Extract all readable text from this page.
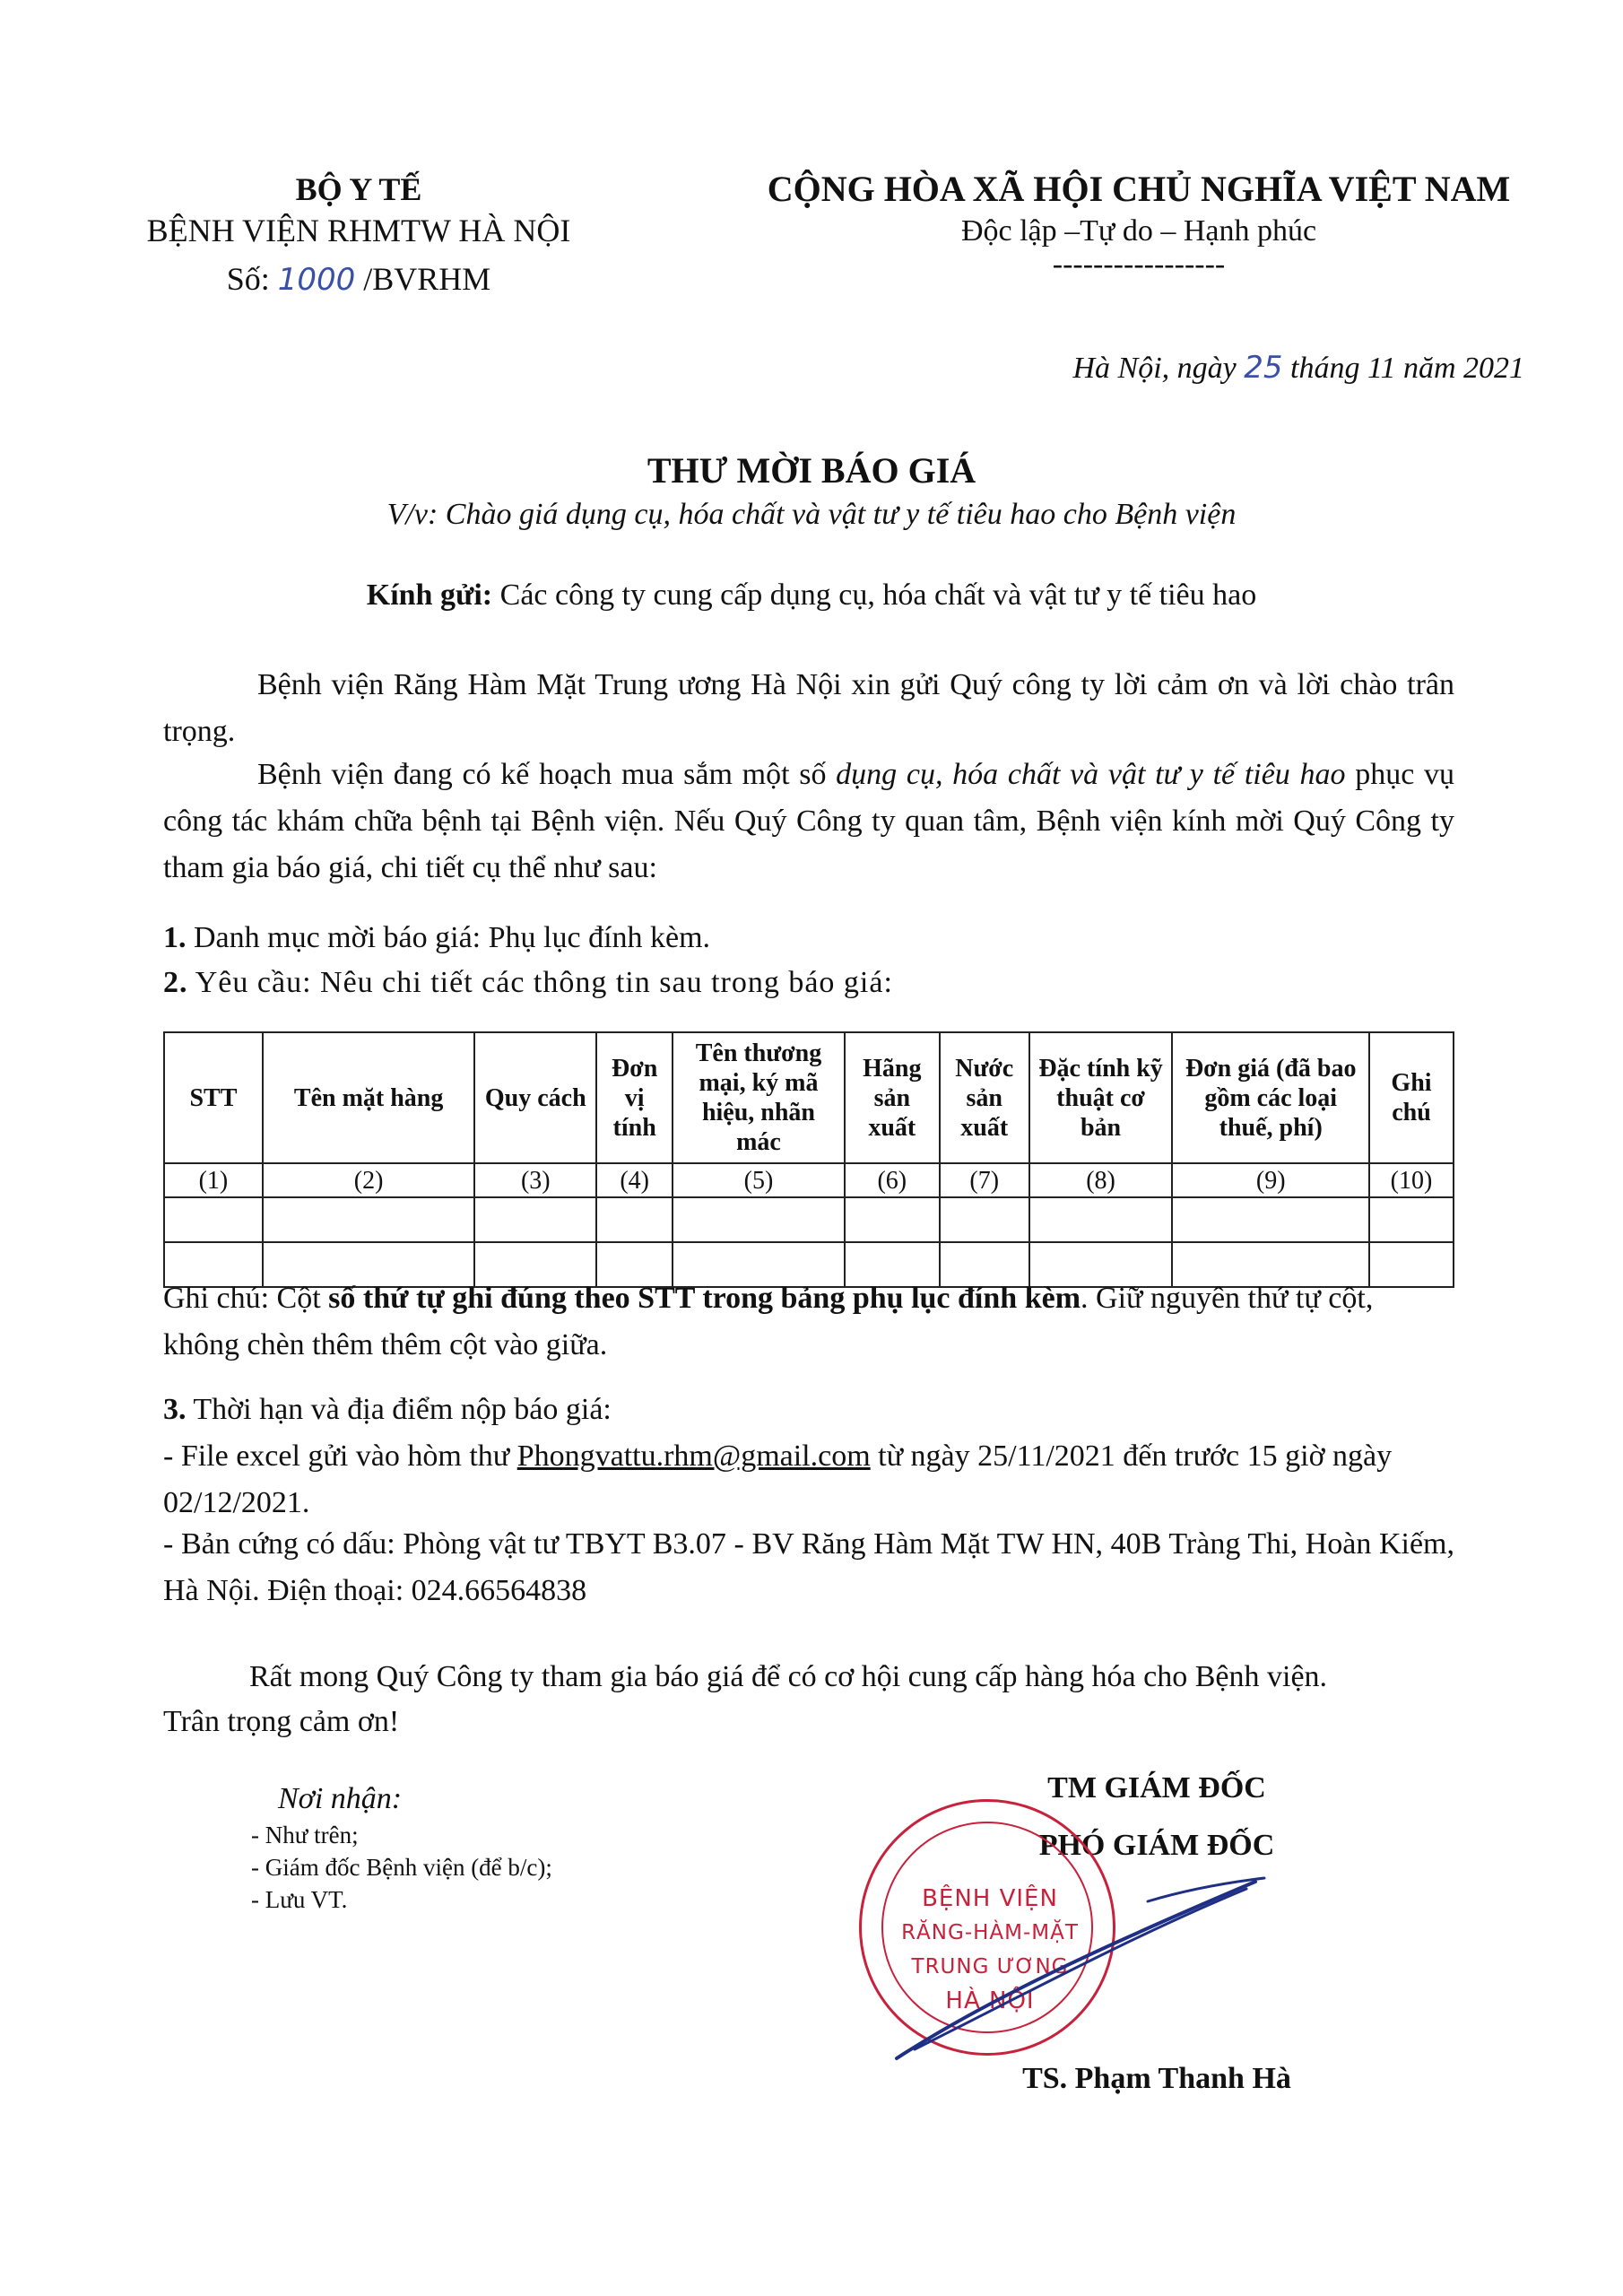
BỘ Y TẾ
BỆNH VIỆN RHMTW HÀ NỘI
Số: 1000 /BVRHM
CỘNG HÒA XÃ HỘI CHỦ NGHĨA VIỆT NAM
Độc lập –Tự do – Hạnh phúc
-----------------
Hà Nội, ngày 25 tháng 11 năm 2021
THƯ MỜI BÁO GIÁ
V/v: Chào giá dụng cụ, hóa chất và vật tư y tế tiêu hao cho Bệnh viện
Kính gửi: Các công ty cung cấp dụng cụ, hóa chất và vật tư y tế tiêu hao
Bệnh viện Răng Hàm Mặt Trung ương Hà Nội xin gửi Quý công ty lời cảm ơn và lời chào trân trọng.
Bệnh viện đang có kế hoạch mua sắm một số dụng cụ, hóa chất và vật tư y tế tiêu hao phục vụ công tác khám chữa bệnh tại Bệnh viện. Nếu Quý Công ty quan tâm, Bệnh viện kính mời Quý Công ty tham gia báo giá, chi tiết cụ thể như sau:
1. Danh mục mời báo giá: Phụ lục đính kèm.
2. Yêu cầu: Nêu chi tiết các thông tin sau trong báo giá:
STT	Tên mặt hàng	Quy cách	Đơn vị tính	Tên thương mại, ký mã hiệu, nhãn mác	Hãng sản xuất	Nước sản xuất	Đặc tính kỹ thuật cơ bản	Đơn giá (đã bao gồm các loại thuế, phí)	Ghi chú
(1)	(2)	(3)	(4)	(5)	(6)	(7)	(8)	(9)	(10)

Ghi chú: Cột số thứ tự ghi đúng theo STT trong bảng phụ lục đính kèm. Giữ nguyên thứ tự cột, không chèn thêm thêm cột vào giữa.
3. Thời hạn và địa điểm nộp báo giá:
- File excel gửi vào hòm thư Phongvattu.rhm@gmail.com từ ngày 25/11/2021 đến trước 15 giờ ngày 02/12/2021.
- Bản cứng có dấu: Phòng vật tư TBYT B3.07 - BV Răng Hàm Mặt TW HN, 40B Tràng Thi, Hoàn Kiếm, Hà Nội. Điện thoại: 024.66564838
Rất mong Quý Công ty tham gia báo giá để có cơ hội cung cấp hàng hóa cho Bệnh viện.
Trân trọng cảm ơn!
Nơi nhận:
- Như trên;
- Giám đốc Bệnh viện (để b/c);
- Lưu VT.
TM GIÁM ĐỐC
PHÓ GIÁM ĐỐC
BỆNH VIỆN
RĂNG-HÀM-MẶT
TRUNG ƯƠNG
HÀ NỘI
TS. Phạm Thanh Hà
